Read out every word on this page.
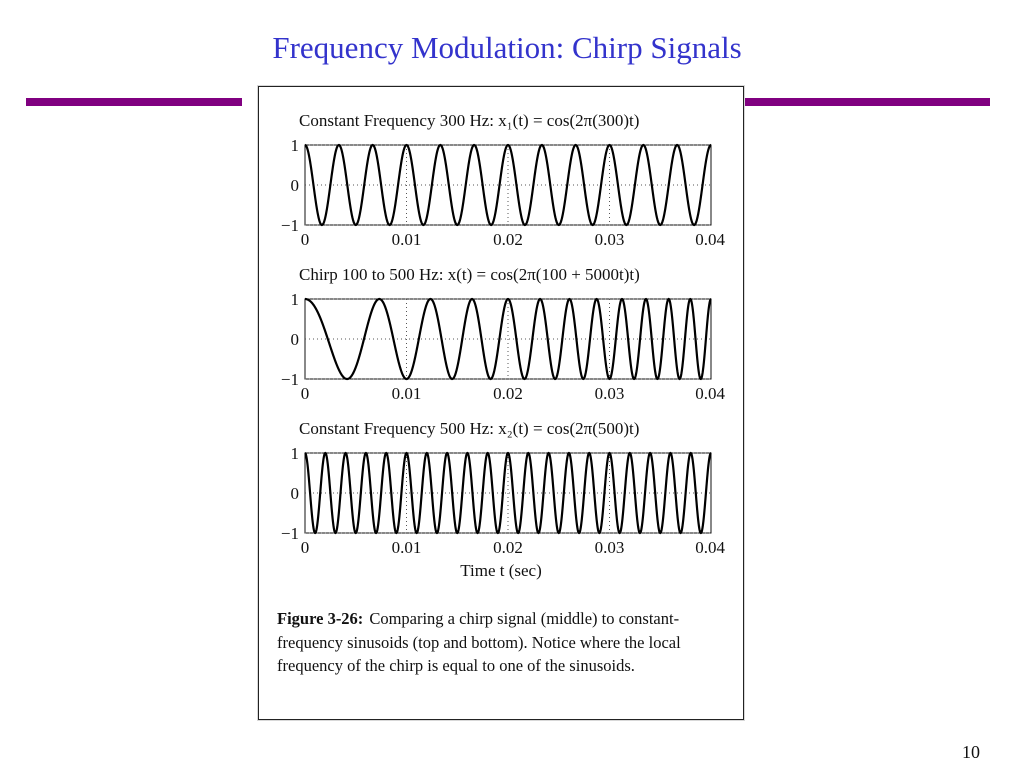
Frequency Modulation: Chirp Signals
1
0
−1
0	0.01	0.02	0.03	0.04
1
0
−1
0	0.01	0.02	0.03	0.04
1
0
−1
0	0.01	0.02	0.03	0.04
Constant Frequency 300 Hz: x₁(t) = cos(2π(300)t)
Chirp 100 to 500 Hz: x(t) = cos(2π(100 + 5000t)t)
Constant Frequency 500 Hz: x₂(t) = cos(2π(500)t)
Time t (sec)
Figure 3-26: Comparing a chirp signal (middle) to constant-frequency sinusoids (top and bottom). Notice where the local frequency of the chirp is equal to one of the sinusoids.
10
